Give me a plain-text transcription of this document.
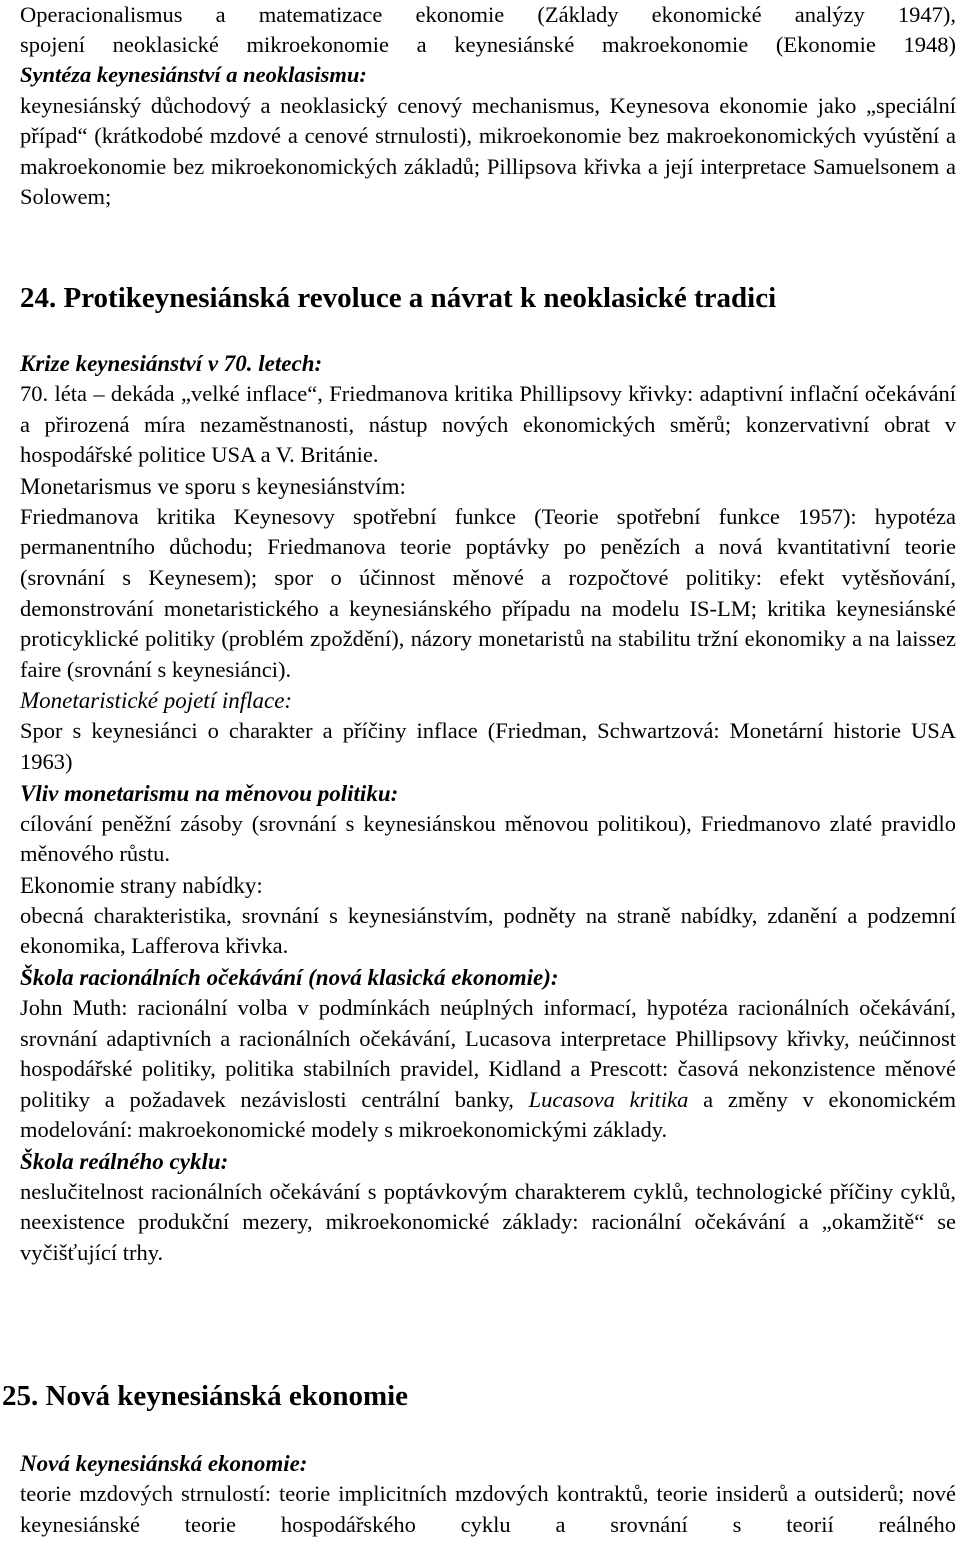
Operacionalismus a matematizace ekonomie (Základy ekonomické analýzy 1947),

spojení neoklasické mikroekonomie a keynesiánské makroekonomie (Ekonomie 1948)

Syntéza keynesiánství a neoklasismu:

keynesiánský důchodový a neoklasický cenový mechanismus, Keynesova ekonomie jako „speciální případ“ (krátkodobé mzdové a cenové strnulosti), mikroekonomie bez makroekonomických vyústění a makroekonomie bez mikroekonomických základů; Pillipsova křivka a její interpretace Samuelsonem a Solowem;

24. Protikeynesiánská revoluce a návrat k neoklasické tradici

Krize keynesiánství v 70. letech:

70. léta – dekáda „velké inflace“, Friedmanova kritika Phillipsovy křivky: adaptivní inflační očekávání a přirozená míra nezaměstnanosti, nástup nových ekonomických směrů; konzervativní obrat v hospodářské politice USA a V. Británie.

Monetarismus ve sporu s keynesiánstvím:

Friedmanova kritika Keynesovy spotřební funkce (Teorie spotřební funkce 1957): hypotéza permanentního důchodu; Friedmanova teorie poptávky po penězích a nová kvantitativní teorie (srovnání s Keynesem); spor o účinnost měnové a rozpočtové politiky: efekt vytěsňování, demonstrování monetaristického a keynesiánského případu na modelu IS-LM; kritika keynesiánské proticyklické politiky (problém zpoždění), názory monetaristů na stabilitu tržní ekonomiky a na laissez faire (srovnání s keynesiánci).

Monetaristické pojetí inflace:

Spor s keynesiánci o charakter a příčiny inflace (Friedman, Schwartzová: Monetární historie USA 1963)

Vliv monetarismu na měnovou politiku:

cílování peněžní zásoby (srovnání s keynesiánskou měnovou politikou), Friedmanovo zlaté pravidlo měnového růstu.

Ekonomie strany nabídky:

obecná charakteristika, srovnání s keynesiánstvím, podněty na straně nabídky, zdanění a podzemní ekonomika, Lafferova křivka.

Škola racionálních očekávání (nová klasická ekonomie):

John Muth: racionální volba v podmínkách neúplných informací, hypotéza racionálních očekávání, srovnání adaptivních a racionálních očekávání, Lucasova interpretace Phillipsovy křivky, neúčinnost hospodářské politiky, politika stabilních pravidel, Kidland a Prescott: časová nekonzistence měnové politiky a požadavek nezávislosti centrální banky, Lucasova kritika a změny v ekonomickém modelování: makroekonomické modely s mikroekonomickými základy.

Škola reálného cyklu:

neslučitelnost racionálních očekávání s poptávkovým charakterem cyklů, technologické příčiny cyklů, neexistence produkční mezery, mikroekonomické základy: racionální očekávání a „okamžitě“ se vyčišťující trhy.

25. Nová keynesiánská ekonomie

Nová keynesiánská ekonomie:

teorie mzdových strnulostí: teorie implicitních mzdových kontraktů, teorie insiderů a outsiderů; nové keynesiánské teorie hospodářského cyklu a srovnání s teorií reálného
